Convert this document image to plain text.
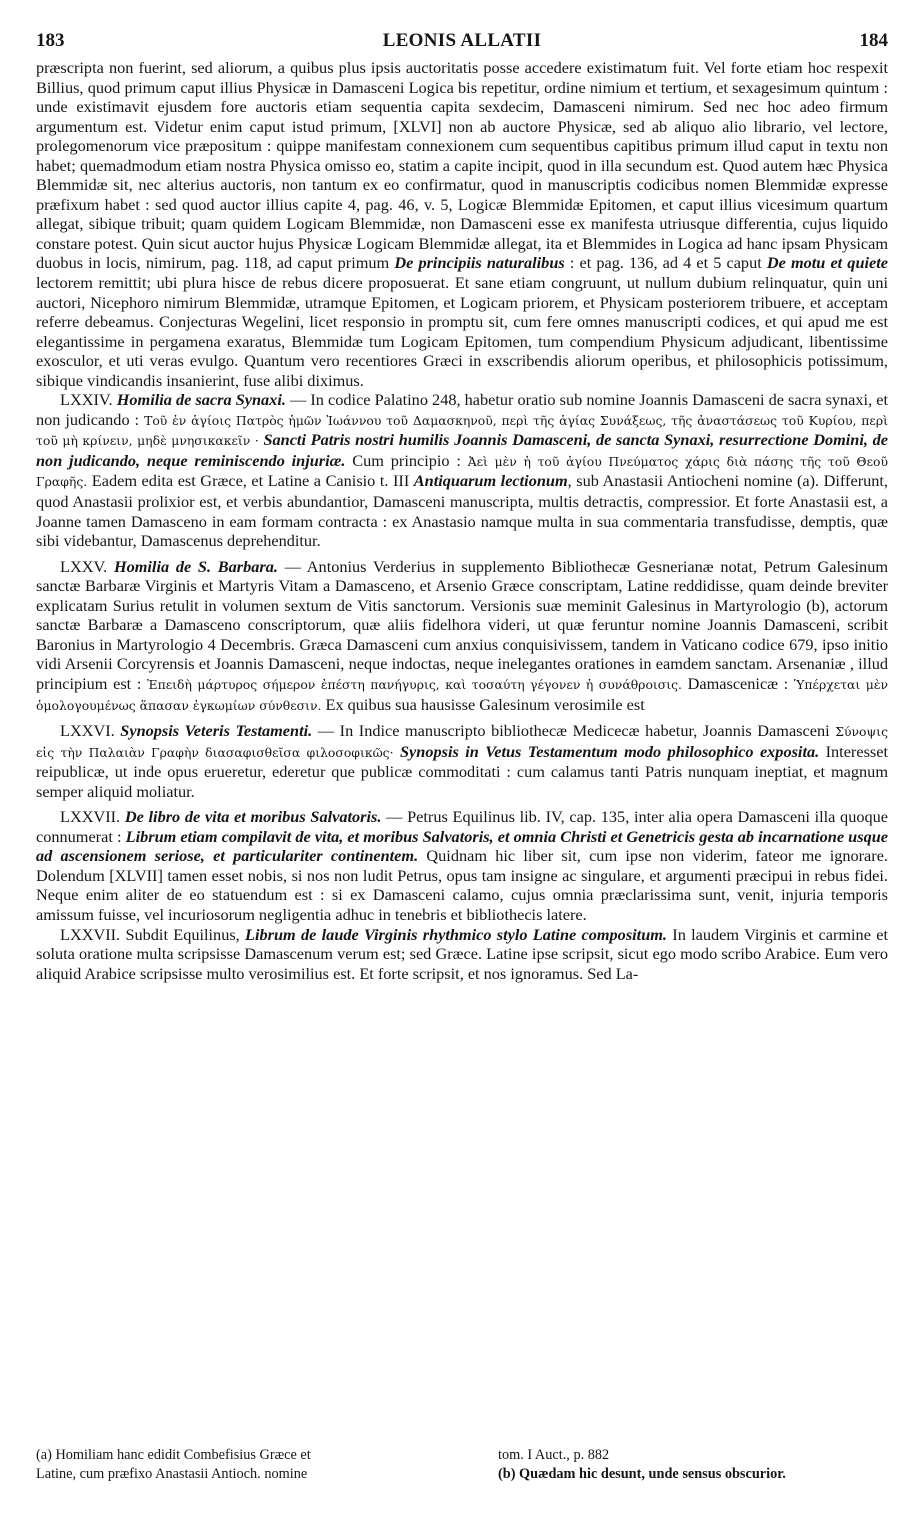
183	LEONIS ALLATII	184

præscripta non fuerint, sed aliorum, a quibus plus ipsis auctoritatis posse accedere existimatum fuit. Vel forte etiam hoc respexit Billius, quod primum caput illius Physicæ in Damasceni Logica bis repetitur, ordine nimium et tertium, et sexagesimum quintum : unde existimavit ejusdem fore auctoris etiam sequentia capita sexdecim, Damasceni nimirum. Sed nec hoc adeo firmum argumentum est. Videtur enim caput istud primum, [XLVI] non ab auctore Physicæ, sed ab aliquo alio librario, vel lectore, prolegomenorum vice præpositum : quippe manifestam connexionem cum sequentibus capitibus primum illud caput in textu non habet; quemadmodum etiam nostra Physica omisso eo, statim a capite incipit, quod in illa secundum est. Quod autem hæc Physica Blemmidæ sit, nec alterius auctoris, non tantum ex eo confirmatur, quod in manuscriptis codicibus nomen Blemmidæ expresse præfixum habet : sed quod auctor illius capite 4, pag. 46, v. 5, Logicæ Blemmidæ Epitomen, et caput illius vicesimum quartum allegat, sibique tribuit; quam quidem Logicam Blemmidæ, non Damasceni esse ex manifesta utriusque differentia, cujus liquido constare potest. Quin sicut auctor hujus Physicæ Logicam Blemmidæ allegat, ita et Blemmides in Logica ad hanc ipsam Physicam duobus in locis, nimirum, pag. 118, ad caput primum De principiis naturalibus : et pag. 136, ad 4 et 5 caput De motu et quiete lectorem remittit; ubi plura hisce de rebus dicere proposuerat. Et sane etiam congruunt, ut nullum dubium relinquatur, quin uni auctori, Nicephoro nimirum Blemmidæ, utramque Epitomen, et Logicam priorem, et Physicam posteriorem tribuere, et acceptam referre debeamus. Conjecturas Wegelini, licet responsio in promptu sit, cum fere omnes manuscripti codices, et qui apud me est elegantissime in pergamena exaratus, Blemmidæ tum Logicam Epitomen, tum compendium Physicum adjudicant, libentissime exosculor, et uti veras evulgo. Quantum vero recentiores Græci in exscribendis aliorum operibus, et philosophicis potissimum, sibique vindicandis insanierint, fuse alibi diximus.

LXXIV. Homilia de sacra Synaxi. — In codice Palatino 248, habetur oratio sub nomine Joannis Damasceni de sacra synaxi, et non judicando : Τοῦ ἐν ἁγίοις Πατρὸς ἡμῶν Ἰωάννου τοῦ Δαμασκηνοῦ, περὶ τῆς ἁγίας Συνάξεως, τῆς ἀναστάσεως τοῦ Κυρίου, περὶ τοῦ μὴ κρίνειν, μηδὲ μνησικακεῖν · Sancti Patris nostri humilis Joannis Damasceni, de sancta Synaxi, resurrectione Domini, de non judicando, neque reminiscendo injuriæ. Cum principio : Ἀεὶ μὲν ἡ τοῦ ἁγίου Πνεύματος χάρις διὰ πάσης τῆς τοῦ Θεοῦ Γραφῆς. Eadem edita est Græce, et Latine a Canisio t. III Antiquarum lectionum, sub Anastasii Antiocheni nomine (a). Differunt, quod Anastasii prolixior est, et verbis abundantior, Damasceni manuscripta, multis detractis, compressior. Et forte Anastasii est, a Joanne tamen Damasceno in eam formam contracta : ex Anastasio namque multa in sua commentaria transfudisse, demptis, quæ sibi videbantur, Damascenus deprehenditur.

LXXV. Homilia de S. Barbara. — Antonius Verderius in supplemento Bibliothecæ Gesnerianæ notat, Petrum Galesinum sanctæ Barbaræ Virginis et Martyris Vitam a Damasceno, et Arsenio Græce conscriptam, Latine reddidisse, quam deinde breviter explicatam Surius retulit in volumen sextum de Vitis sanctorum. Versionis suæ meminit Galesinus in Martyrologio (b), actorum sanctæ Barbaræ a Damasceno conscriptorum, quæ aliis fidelhora videri, ut quæ feruntur nomine Joannis Damasceni, scribit Baronius in Martyrologio 4 Decembris. Græca Damasceni cum anxius conquisivissem, tandem in Vaticano codice 679, ipso initio vidi Arsenii Corcyrensis et Joannis Damasceni, neque indoctas, neque inelegantes orationes in eamdem sanctam. Arsenaniæ , illud principium est : Ἐπειδὴ μάρτυρος σήμερον ἐπέστη πανήγυρις, καὶ τοσαύτη γέγονεν ἡ συνάθροισις. Damascenicæ : Ὑπέρχεται μὲν ὁμολογουμένως ἅπασαν ἐγκωμίων σύνθεσιν. Ex quibus sua hausisse Galesinum verosimile est

LXXVI. Synopsis Veteris Testamenti. — In Indice manuscripto bibliothecæ Medicecæ habetur, Joannis Damasceni Σύνοψις εἰς τὴν Παλαιὰν Γραφὴν διασαφισθεῖσα φιλοσοφικῶς· Synopsis in Vetus Testamentum modo philosophico exposita. Interesset reipublicæ, ut inde opus erueretur, ederetur que publicæ commoditati : cum calamus tanti Patris nunquam ineptiat, et magnum semper aliquid moliatur.

LXXVII. De libro de vita et moribus Salvatoris. — Petrus Equilinus lib. IV, cap. 135, inter alia opera Damasceni illa quoque connumerat : Librum etiam compilavit de vita, et moribus Salvatoris, et omnia Christi et Genetricis gesta ab incarnatione usque ad ascensionem seriose, et particulariter continentem. Quidnam hic liber sit, cum ipse non viderim, fateor me ignorare. Dolendum [XLVII] tamen esset nobis, si nos non ludit Petrus, opus tam insigne ac singulare, et argumenti præcipui in rebus fidei. Neque enim aliter de eo statuendum est : si ex Damasceni calamo, cujus omnia præclarissima sunt, venit, injuria temporis amissum fuisse, vel incuriosorum negligentia adhuc in tenebris et bibliothecis latere.

LXXVII. Subdit Equilinus, Librum de laude Virginis rhythmico stylo Latine compositum. In laudem Virginis et carmine et soluta oratione multa scripsisse Damascenum verum est; sed Græce. Latine ipse scripsit, sicut ego modo scribo Arabice. Eum vero aliquid Arabice scripsisse multo verosimilius est. Et forte scripsit, et nos ignoramus. Sed La-

(a) Homiliam hanc edidit Combefisius Græce et
Latine, cum præfixo Anastasii Antioch. nomine
tom. I Auct., p. 882
(b) Quædam hic desunt, unde sensus obscurior.
